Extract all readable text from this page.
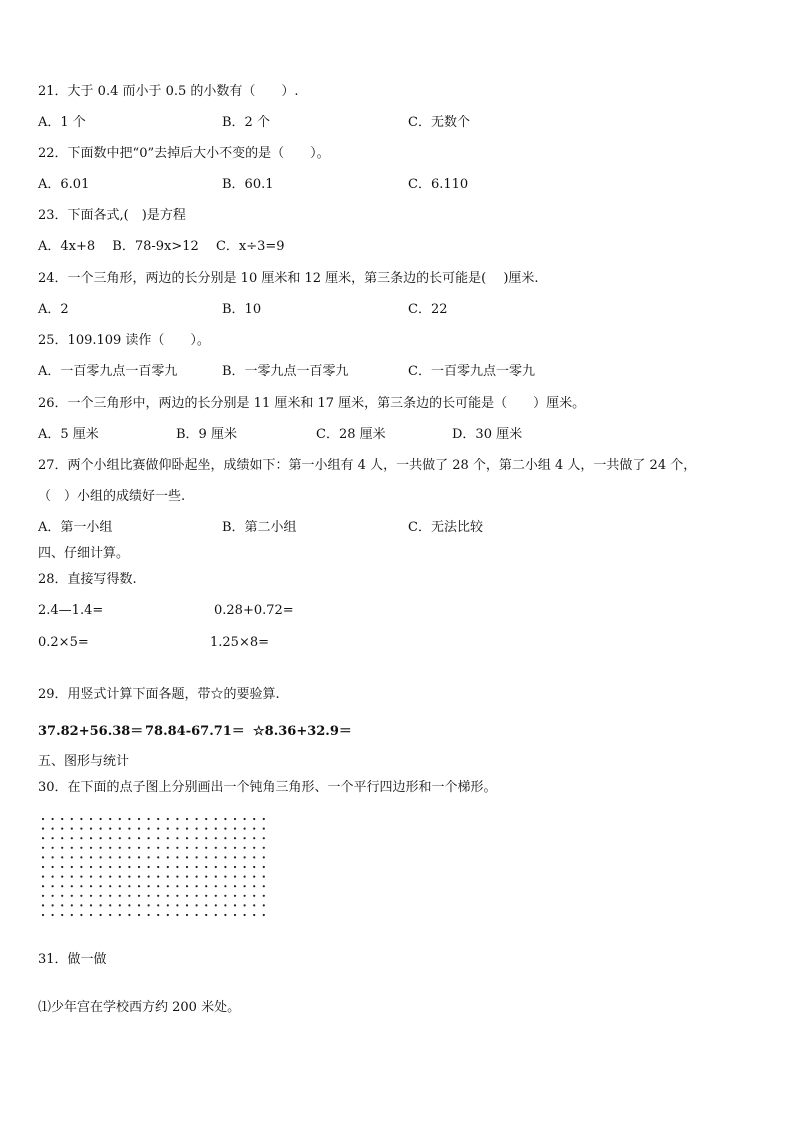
21．大于 0.4 而小于 0.5 的小数有（　　）.
A．1 个	B．2 个	C．无数个
22．下面数中把“0”去掉后大小不变的是（　　）。
A．6.01	B．60.1	C．6.110
23．下面各式,(　)是方程
A．4x+8　 B．78-9x>12　 C．x÷3=9
24．一个三角形，两边的长分别是 10 厘米和 12 厘米，第三条边的长可能是(　 )厘米.
A．2	B．10	C．22
25．109.109 读作（　　）。
A．一百零九点一百零九	B．一零九点一百零九	C．一百零九点一零九
26．一个三角形中，两边的长分别是 11 厘米和 17 厘米，第三条边的长可能是（　　）厘米。
A．5 厘米	B．9 厘米	C．28 厘米	D．30 厘米
27．两个小组比赛做仰卧起坐，成绩如下：第一小组有 4 人，一共做了 28 个，第二小组 4 人，一共做了 24 个，
（　）小组的成绩好一些.
A．第一小组	B．第二小组	C．无法比较
四、仔细计算。
28．直接写得数.
2.4—1.4=	0.28+0.72=
0.2×5=	1.25×8=
29．用竖式计算下面各题，带☆的要验算.
37.82+56.38＝ 78.84-67.71＝ ☆8.36+32.9＝
五、图形与统计
30．在下面的点子图上分别画出一个钝角三角形、一个平行四边形和一个梯形。
31．做一做
⑴少年宫在学校西方约 200 米处。
